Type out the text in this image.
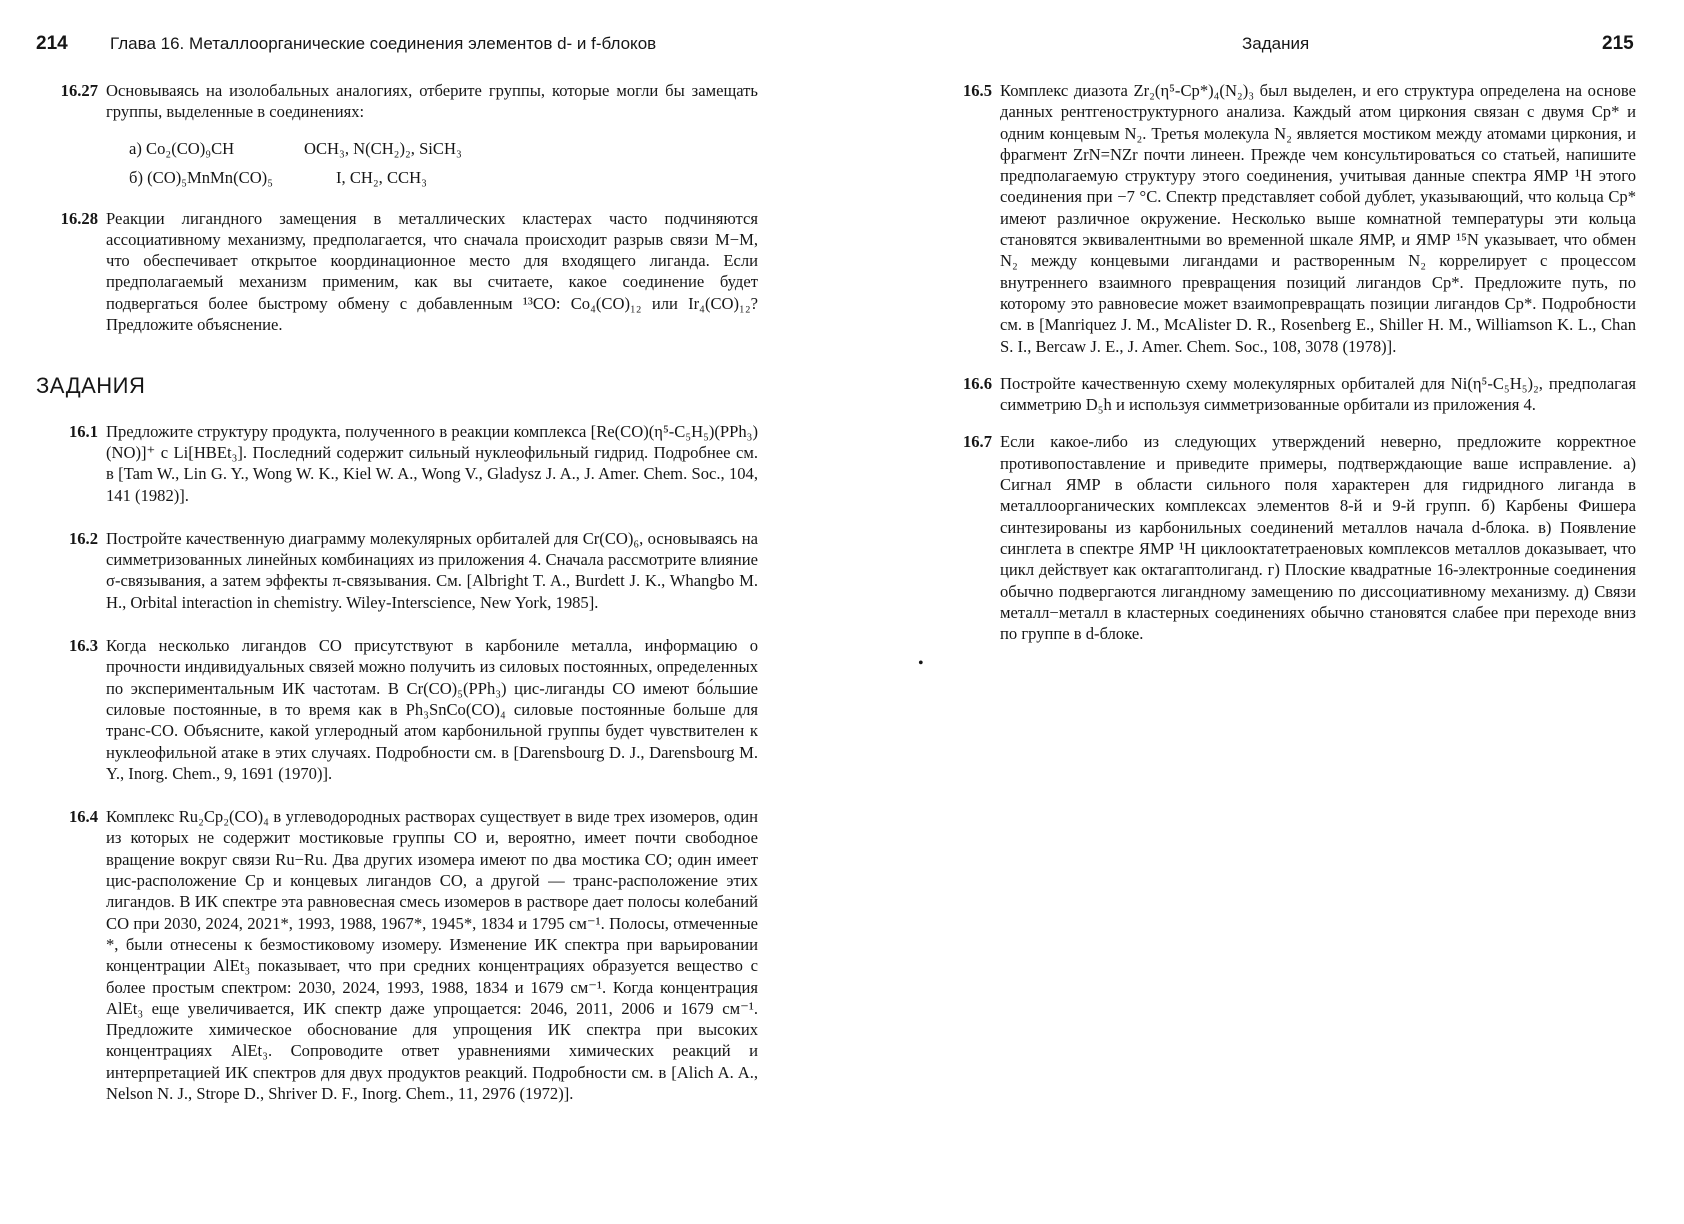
214 Глава 16. Металлоорганические соединения элементов d- и f-блоков
16.27 Основываясь на изолобальных аналогиях, отберите группы, которые могли бы замещать группы, выделенные в соединениях:
а) Co₂(CO)₉CH	OCH₃, N(CH₂)₂, SiCH₃
б) (CO)₅MnMn(CO)₅	I, CH₂, CCH₃
16.28 Реакции лигандного замещения в металлических кластерах часто подчиняются ассоциативному механизму, предполагается, что сначала происходит разрыв связи M−M, что обеспечивает открытое координационное место для входящего лиганда. Если предполагаемый механизм применим, как вы считаете, какое соединение будет подвергаться более быстрому обмену с добавленным ¹³CO: Co₄(CO)₁₂ или Ir₄(CO)₁₂? Предложите объяснение.
ЗАДАНИЯ
16.1 Предложите структуру продукта, полученного в реакции комплекса [Re(CO)(η⁵-C₅H₅)(PPh₃)(NO)]⁺ с Li[HBEt₃]. Последний содержит сильный нуклеофильный гидрид. Подробнее см. в [Tam W., Lin G. Y., Wong W. K., Kiel W. A., Wong V., Gladysz J. A., J. Amer. Chem. Soc., 104, 141 (1982)].
16.2 Постройте качественную диаграмму молекулярных орбиталей для Cr(CO)₆, основываясь на симметризованных линейных комбинациях из приложения 4. Сначала рассмотрите влияние σ-связывания, а затем эффекты π-связывания. См. [Albright T. A., Burdett J. K., Whangbo M. H., Orbital interaction in chemistry. Wiley-Interscience, New York, 1985].
16.3 Когда несколько лигандов CO присутствуют в карбониле металла, информацию о прочности индивидуальных связей можно получить из силовых постоянных, определенных по экспериментальным ИК частотам. В Cr(CO)₅(PPh₃) цис-лиганды CO имеют бо́льшие силовые постоянные, в то время как в Ph₃SnCo(CO)₄ силовые постоянные больше для транс-CO. Объясните, какой углеродный атом карбонильной группы будет чувствителен к нуклеофильной атаке в этих случаях. Подробности см. в [Darensbourg D. J., Darensbourg M. Y., Inorg. Chem., 9, 1691 (1970)].
16.4 Комплекс Ru₂Cp₂(CO)₄ в углеводородных растворах существует в виде трех изомеров, один из которых не содержит мостиковые группы CO и, вероятно, имеет почти свободное вращение вокруг связи Ru−Ru. Два других изомера имеют по два мостика CO; один имеет цис-расположение Cp и концевых лигандов CO, а другой — транс-расположение этих лигандов. В ИК спектре эта равновесная смесь изомеров в растворе дает полосы колебаний CO при 2030, 2024, 2021*, 1993, 1988, 1967*, 1945*, 1834 и 1795 см⁻¹. Полосы, отмеченные *, были отнесены к безмостиковому изомеру. Изменение ИК спектра при варьировании концентрации AlEt₃ показывает, что при средних концентрациях образуется вещество с более простым спектром: 2030, 2024, 1993, 1988, 1834 и 1679 см⁻¹. Когда концентрация AlEt₃ еще увеличивается, ИК спектр даже упрощается: 2046, 2011, 2006 и 1679 см⁻¹. Предложите химическое обоснование для упрощения ИК спектра при высоких концентрациях AlEt₃. Сопроводите ответ уравнениями химических реакций и интерпретацией ИК спектров для двух продуктов реакций. Подробности см. в [Alich A. A., Nelson N. J., Strope D., Shriver D. F., Inorg. Chem., 11, 2976 (1972)].
Задания	215
16.5 Комплекс диазота Zr₂(η⁵-Cp*)₄(N₂)₃ был выделен, и его структура определена на основе данных рентгеноструктурного анализа. Каждый атом циркония связан с двумя Cp* и одним концевым N₂. Третья молекула N₂ является мостиком между атомами циркония, и фрагмент ZrN=NZr почти линеен. Прежде чем консультироваться со статьей, напишите предполагаемую структуру этого соединения, учитывая данные спектра ЯМР ¹H этого соединения при −7 °C. Спектр представляет собой дублет, указывающий, что кольца Cp* имеют различное окружение. Несколько выше комнатной температуры эти кольца становятся эквивалентными во временной шкале ЯМР, и ЯМР ¹⁵N указывает, что обмен N₂ между концевыми лигандами и растворенным N₂ коррелирует с процессом внутреннего взаимного превращения позиций лигандов Cp*. Предложите путь, по которому это равновесие может взаимопревращать позиции лигандов Cp*. Подробности см. в [Manriquez J. M., McAlister D. R., Rosenberg E., Shiller H. M., Williamson K. L., Chan S. I., Bercaw J. E., J. Amer. Chem. Soc., 108, 3078 (1978)].
16.6 Постройте качественную схему молекулярных орбиталей для Ni(η⁵-C₅H₅)₂, предполагая симметрию D₅h и используя симметризованные орбитали из приложения 4.
16.7 Если какое-либо из следующих утверждений неверно, предложите корректное противопоставление и приведите примеры, подтверждающие ваше исправление. а) Сигнал ЯМР в области сильного поля характерен для гидридного лиганда в металлоорганических комплексах элементов 8-й и 9-й групп. б) Карбены Фишера синтезированы из карбонильных соединений металлов начала d-блока. в) Появление синглета в спектре ЯМР ¹H циклооктатетраеновых комплексов металлов доказывает, что цикл действует как октагаптолиганд. г) Плоские квадратные 16-электронные соединения обычно подвергаются лигандному замещению по диссоциативному механизму. д) Связи металл−металл в кластерных соединениях обычно становятся слабее при переходе вниз по группе в d-блоке.
•
